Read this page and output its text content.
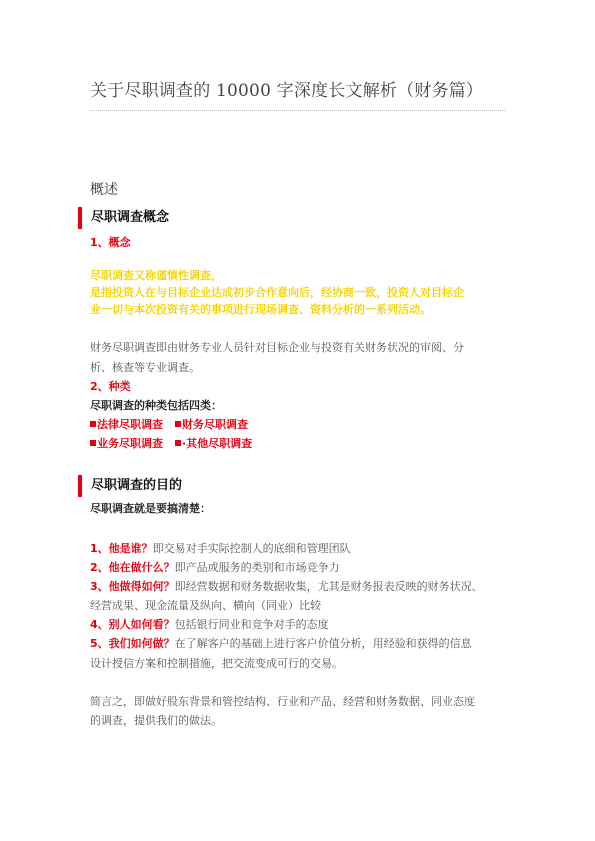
关于尽职调查的 10000 字深度长文解析（财务篇）
概述
尽职调查概念
1、概念
尽职调查又称谨慎性调查，
是指投资人在与目标企业达成初步合作意向后，经协商一致，投资人对目标企
业一切与本次投资有关的事项进行现场调查、资料分析的一系列活动。
财务尽职调查即由财务专业人员针对目标企业与投资有关财务状况的审阅、分
析、核查等专业调查。
2、种类
尽职调查的种类包括四类：
法律尽职调查 财务尽职调查
业务尽职调查 ·其他尽职调查
尽职调查的目的
尽职调查就是要搞清楚：
1、他是谁？即交易对手实际控制人的底细和管理团队
2、他在做什么？即产品或服务的类别和市场竞争力
3、他做得如何？即经营数据和财务数据收集，尤其是财务报表反映的财务状况、
经营成果、现金流量及纵向、横向（同业）比较
4、别人如何看？包括银行同业和竞争对手的态度
5、我们如何做？在了解客户的基础上进行客户价值分析，用经验和获得的信息
设计授信方案和控制措施，把交流变成可行的交易。
简言之，即做好股东背景和管控结构、行业和产品、经营和财务数据、同业态度
的调查，提供我们的做法。
